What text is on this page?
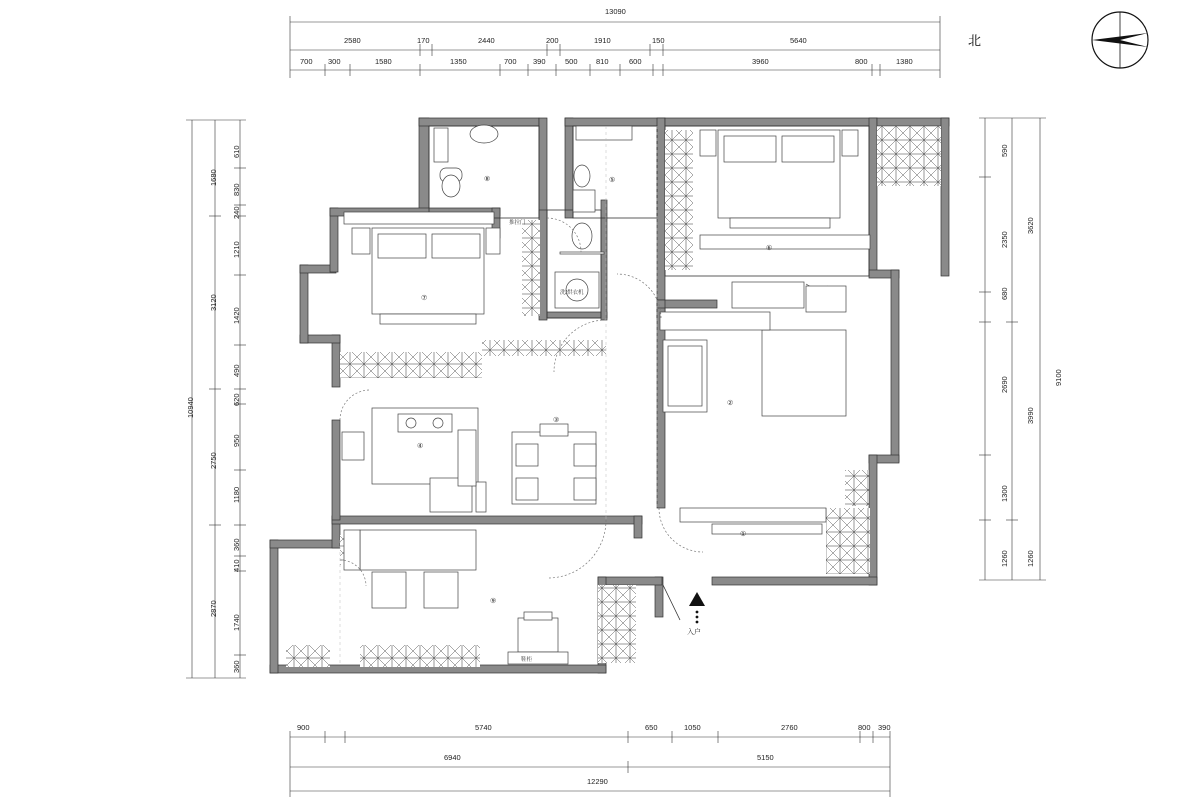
北
入户
13090
2580	170	2440	200	1910	150	5640
700 300	1580	1350	700 390	500 810	600	3960	800	1380
900	5740	650	1050	2760	800 390
6940	5150
12290
610
830
240
1210
1420
490
620
950
1180
360
410
1740
360
1680
3120
2750
2870
10940
590
2350
680
2690
1300
1260
3620
3990
1260
9100
①
②
③
④
⑤
⑥
⑦
⑧
⑨
推拉门
洗/烘衣机
鞋柜
